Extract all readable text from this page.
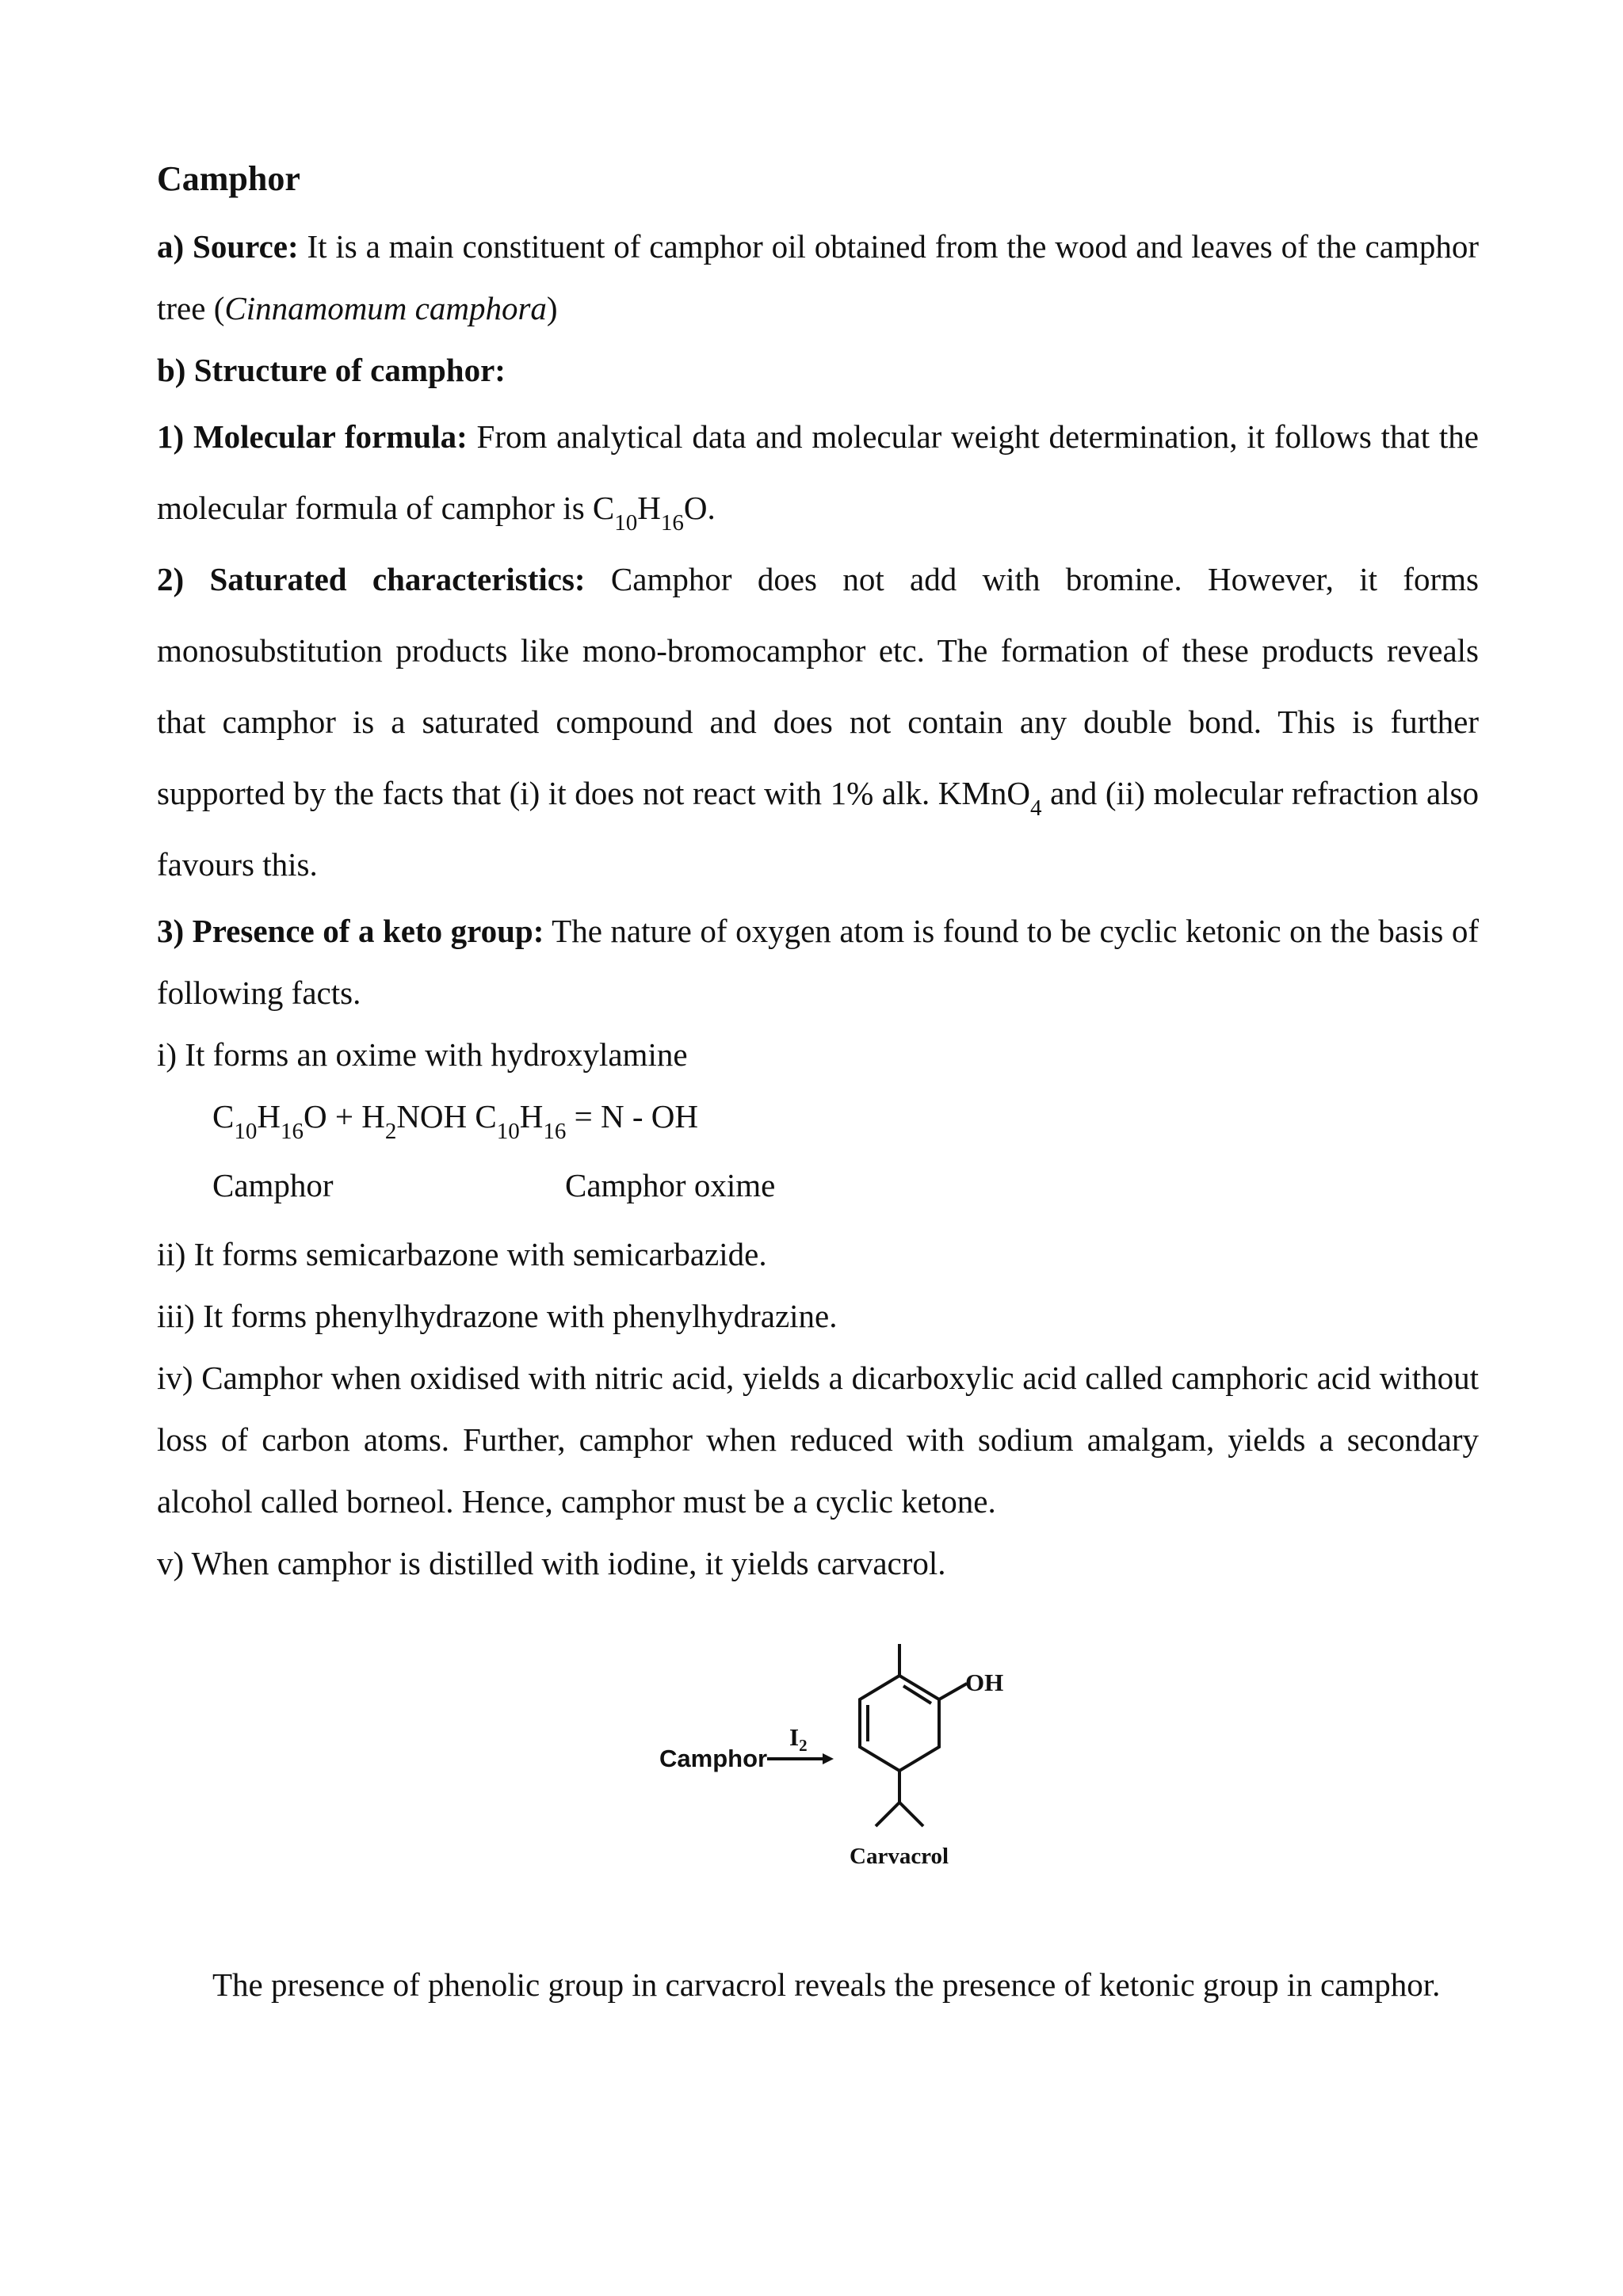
Camphor
a) Source: It is a main constituent of camphor oil obtained from the wood and leaves of the camphor tree (Cinnamomum camphora)
b) Structure of camphor:
1) Molecular formula: From analytical data and molecular weight determination, it follows that the molecular formula of camphor is $C_{10}H_{16}O$.
2) Saturated characteristics: Camphor does not add with bromine. However, it forms monosubstitution products like mono-bromocamphor etc. The formation of these products reveals that camphor is a saturated compound and does not contain any double bond. This is further supported by the facts that (i) it does not react with 1% alk. KMnO$_4$ and (ii) molecular refraction also favours this.
3) Presence of a keto group: The nature of oxygen atom is found to be cyclic ketonic on the basis of following facts.
i) It forms an oxime with hydroxylamine
$C_{10}H_{16}O + H_2NOH$ $C_{10}H_{16} = N$ - OH
Camphor	Camphor oxime
ii) It forms semicarbazone with semicarbazide.
iii) It forms phenylhydrazone with phenylhydrazine.
iv) Camphor when oxidised with nitric acid, yields a dicarboxylic acid called camphoric acid without loss of carbon atoms. Further, camphor when reduced with sodium amalgam, yields a secondary alcohol called borneol. Hence, camphor must be a cyclic ketone.
v) When camphor is distilled with iodine, it yields carvacrol.
Camphor
$I_2$
OH
Carvacrol
The presence of phenolic group in carvacrol reveals the presence of ketonic group in camphor.
